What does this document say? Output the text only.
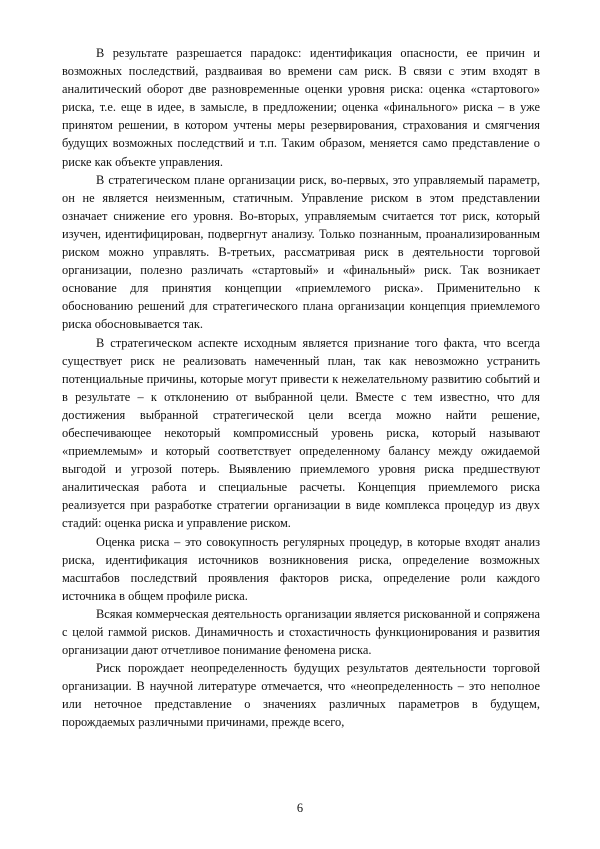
В результате разрешается парадокс: идентификация опасности, ее причин и возможных последствий, раздваивая во времени сам риск. В связи с этим входят в аналитический оборот две разновременные оценки уровня риска: оценка «стартового» риска, т.е. еще в идее, в замысле, в предложении; оценка «финального» риска – в уже принятом решении, в котором учтены меры резервирования, страхования и смягчения будущих возможных последствий и т.п. Таким образом, меняется само представление о риске как объекте управления.

В стратегическом плане организации риск, во-первых, это управляемый параметр, он не является неизменным, статичным. Управление риском в этом представлении означает снижение его уровня. Во-вторых, управляемым считается тот риск, который изучен, идентифицирован, подвергнут анализу. Только познанным, проанализированным риском можно управлять. В-третьих, рассматривая риск в деятельности торговой организации, полезно различать «стартовый» и «финальный» риск. Так возникает основание для принятия концепции «приемлемого риска». Применительно к обоснованию решений для стратегического плана организации концепция приемлемого риска обосновывается так.

В стратегическом аспекте исходным является признание того факта, что всегда существует риск не реализовать намеченный план, так как невозможно устранить потенциальные причины, которые могут привести к нежелательному развитию событий и в результате – к отклонению от выбранной цели. Вместе с тем известно, что для достижения выбранной стратегической цели всегда можно найти решение, обеспечивающее некоторый компромиссный уровень риска, который называют «приемлемым» и который соответствует определенному балансу между ожидаемой выгодой и угрозой потерь. Выявлению приемлемого уровня риска предшествуют аналитическая работа и специальные расчеты. Концепция приемлемого риска реализуется при разработке стратегии организации в виде комплекса процедур из двух стадий: оценка риска и управление риском.

Оценка риска – это совокупность регулярных процедур, в которые входят анализ риска, идентификация источников возникновения риска, определение возможных масштабов последствий проявления факторов риска, определение роли каждого источника в общем профиле риска.

Всякая коммерческая деятельность организации является рискованной и сопряжена с целой гаммой рисков. Динамичность и стохастичность функционирования и развития организации дают отчетливое понимание феномена риска.

Риск порождает неопределенность будущих результатов деятельности торговой организации. В научной литературе отмечается, что «неопределенность – это неполное или неточное представление о значениях различных параметров в будущем, порождаемых различными причинами, прежде всего,

6
